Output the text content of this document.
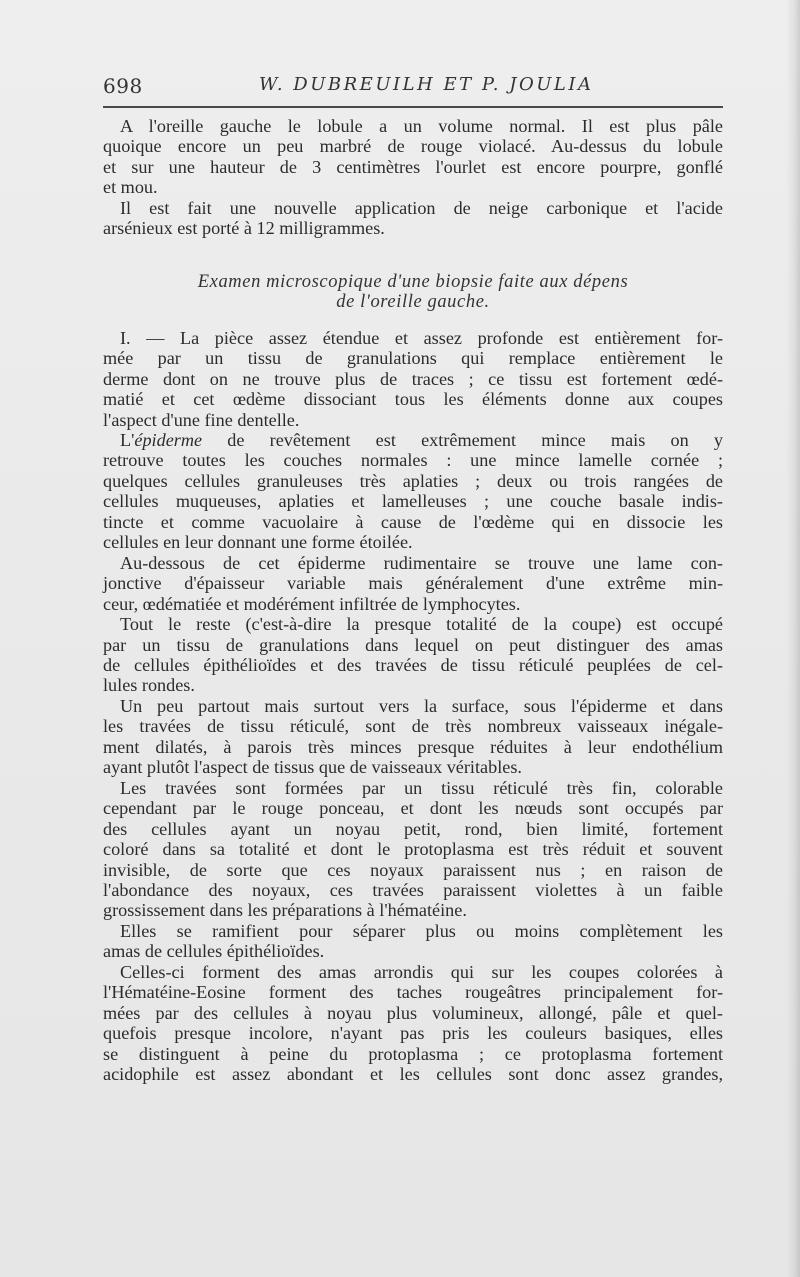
698	W. DUBREUILH ET P. JOULIA
A l'oreille gauche le lobule a un volume normal. Il est plus pâle
quoique encore un peu marbré de rouge violacé. Au-dessus du lobule
et sur une hauteur de 3 centimètres l'ourlet est encore pourpre, gonflé
et mou.
Il est fait une nouvelle application de neige carbonique et l'acide
arsénieux est porté à 12 milligrammes.
Examen microscopique d'une biopsie faite aux dépens
de l'oreille gauche.
I. — La pièce assez étendue et assez profonde est entièrement for-
mée par un tissu de granulations qui remplace entièrement le
derme dont on ne trouve plus de traces ; ce tissu est fortement œdé-
matié et cet œdème dissociant tous les éléments donne aux coupes
l'aspect d'une fine dentelle.
L'épiderme de revêtement est extrêmement mince mais on y
retrouve toutes les couches normales : une mince lamelle cornée ;
quelques cellules granuleuses très aplaties ; deux ou trois rangées de
cellules muqueuses, aplaties et lamelleuses ; une couche basale indis-
tincte et comme vacuolaire à cause de l'œdème qui en dissocie les
cellules en leur donnant une forme étoilée.
Au-dessous de cet épiderme rudimentaire se trouve une lame con-
jonctive d'épaisseur variable mais généralement d'une extrême min-
ceur, œdématiée et modérément infiltrée de lymphocytes.
Tout le reste (c'est-à-dire la presque totalité de la coupe) est occupé
par un tissu de granulations dans lequel on peut distinguer des amas
de cellules épithélioïdes et des travées de tissu réticulé peuplées de cel-
lules rondes.
Un peu partout mais surtout vers la surface, sous l'épiderme et dans
les travées de tissu réticulé, sont de très nombreux vaisseaux inégale-
ment dilatés, à parois très minces presque réduites à leur endothélium
ayant plutôt l'aspect de tissus que de vaisseaux véritables.
Les travées sont formées par un tissu réticulé très fin, colorable
cependant par le rouge ponceau, et dont les nœuds sont occupés par
des cellules ayant un noyau petit, rond, bien limité, fortement
coloré dans sa totalité et dont le protoplasma est très réduit et souvent
invisible, de sorte que ces noyaux paraissent nus ; en raison de
l'abondance des noyaux, ces travées paraissent violettes à un faible
grossissement dans les préparations à l'hématéine.
Elles se ramifient pour séparer plus ou moins complètement les
amas de cellules épithélioïdes.
Celles-ci forment des amas arrondis qui sur les coupes colorées à
l'Hématéine-Eosine forment des taches rougeâtres principalement for-
mées par des cellules à noyau plus volumineux, allongé, pâle et quel-
quefois presque incolore, n'ayant pas pris les couleurs basiques, elles
se distinguent à peine du protoplasma ; ce protoplasma fortement
acidophile est assez abondant et les cellules sont donc assez grandes,
